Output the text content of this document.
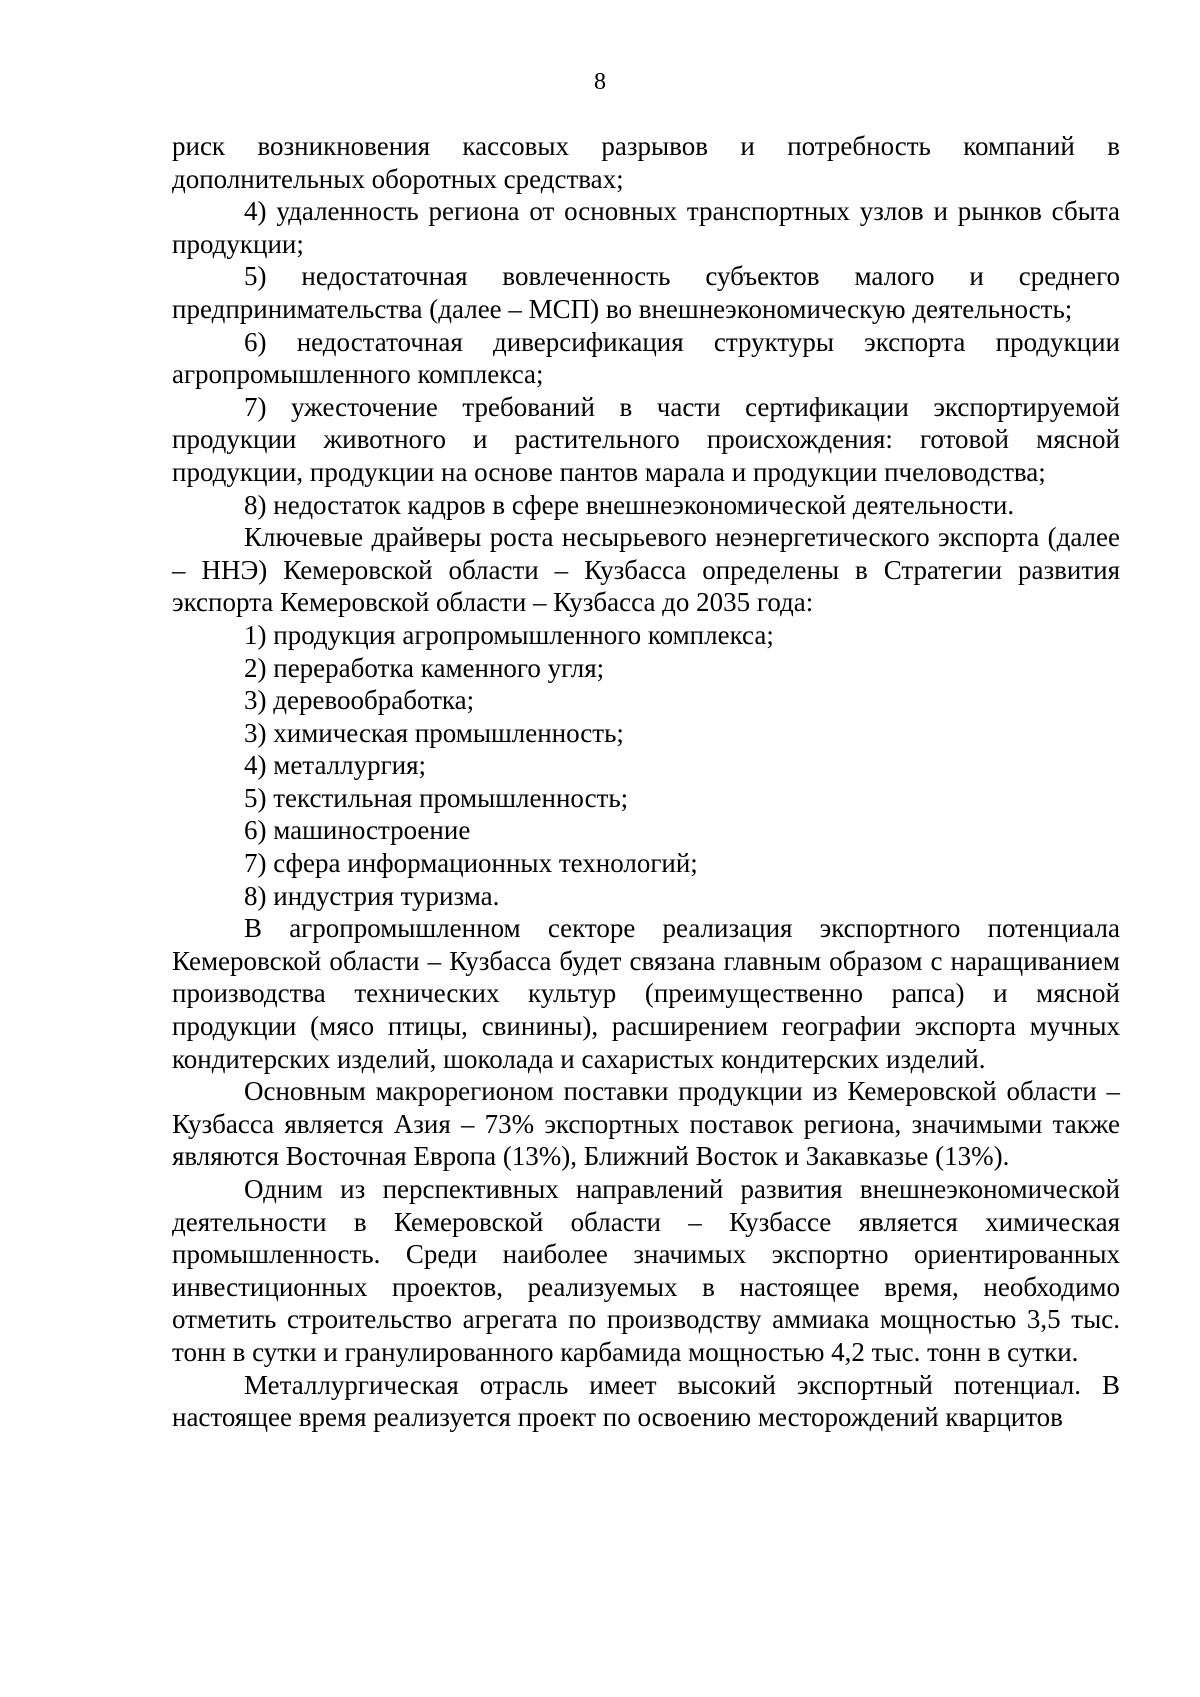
8

риск возникновения кассовых разрывов и потребность компаний в дополнительных оборотных средствах;

4) удаленность региона от основных транспортных узлов и рынков сбыта продукции;

5) недостаточная вовлеченность субъектов малого и среднего предпринимательства (далее – МСП) во внешнеэкономическую деятельность;

6) недостаточная диверсификация структуры экспорта продукции агропромышленного комплекса;

7) ужесточение требований в части сертификации экспортируемой продукции животного и растительного происхождения: готовой мясной продукции, продукции на основе пантов марала и продукции пчеловодства;

8) недостаток кадров в сфере внешнеэкономической деятельности.

Ключевые драйверы роста несырьевого неэнергетического экспорта (далее – ННЭ) Кемеровской области – Кузбасса определены в Стратегии развития экспорта Кемеровской области – Кузбасса до 2035 года:

1) продукция агропромышленного комплекса;

2) переработка каменного угля;

3) деревообработка;

3) химическая промышленность;

4) металлургия;

5) текстильная промышленность;

6) машиностроение

7) сфера информационных технологий;

8) индустрия туризма.

В агропромышленном секторе реализация экспортного потенциала Кемеровской области – Кузбасса будет связана главным образом с наращиванием производства технических культур (преимущественно рапса) и мясной продукции (мясо птицы, свинины), расширением географии экспорта мучных кондитерских изделий, шоколада и сахаристых кондитерских изделий.

Основным макрорегионом поставки продукции из Кемеровской области – Кузбасса является Азия – 73% экспортных поставок региона, значимыми также являются Восточная Европа (13%), Ближний Восток и Закавказье (13%).

Одним из перспективных направлений развития внешнеэкономической деятельности в Кемеровской области – Кузбассе является химическая промышленность. Среди наиболее значимых экспортно ориентированных инвестиционных проектов, реализуемых в настоящее время, необходимо отметить строительство агрегата по производству аммиака мощностью 3,5 тыс. тонн в сутки и гранулированного карбамида мощностью 4,2 тыс. тонн в сутки.

Металлургическая отрасль имеет высокий экспортный потенциал. В настоящее время реализуется проект по освоению месторождений кварцитов
